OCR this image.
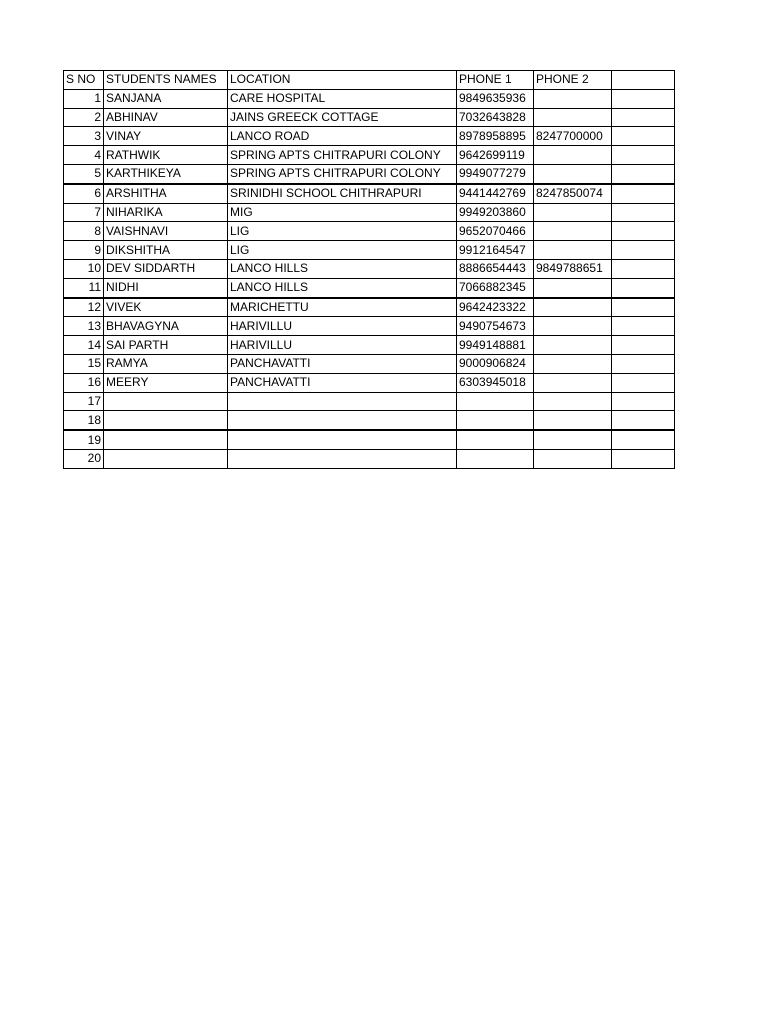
S NO	STUDENTS NAMES	LOCATION	PHONE 1	PHONE 2	
1	SANJANA	CARE HOSPITAL	9849635936		
2	ABHINAV	JAINS GREECK COTTAGE	7032643828		
3	VINAY	LANCO ROAD	8978958895	8247700000	
4	RATHWIK	SPRING APTS CHITRAPURI COLONY	9642699119		
5	KARTHIKEYA	SPRING APTS CHITRAPURI COLONY	9949077279		
6	ARSHITHA	SRINIDHI SCHOOL CHITHRAPURI	9441442769	8247850074	
7	NIHARIKA	MIG	9949203860		
8	VAISHNAVI	LIG	9652070466		
9	DIKSHITHA	LIG	9912164547		
10	DEV SIDDARTH	LANCO HILLS	8886654443	9849788651	
11	NIDHI	LANCO HILLS	7066882345		
12	VIVEK	MARICHETTU	9642423322		
13	BHAVAGYNA	HARIVILLU	9490754673		
14	SAI PARTH	HARIVILLU	9949148881		
15	RAMYA	PANCHAVATTI	9000906824		
16	MEERY	PANCHAVATTI	6303945018		
17					
18					
19					
20					
